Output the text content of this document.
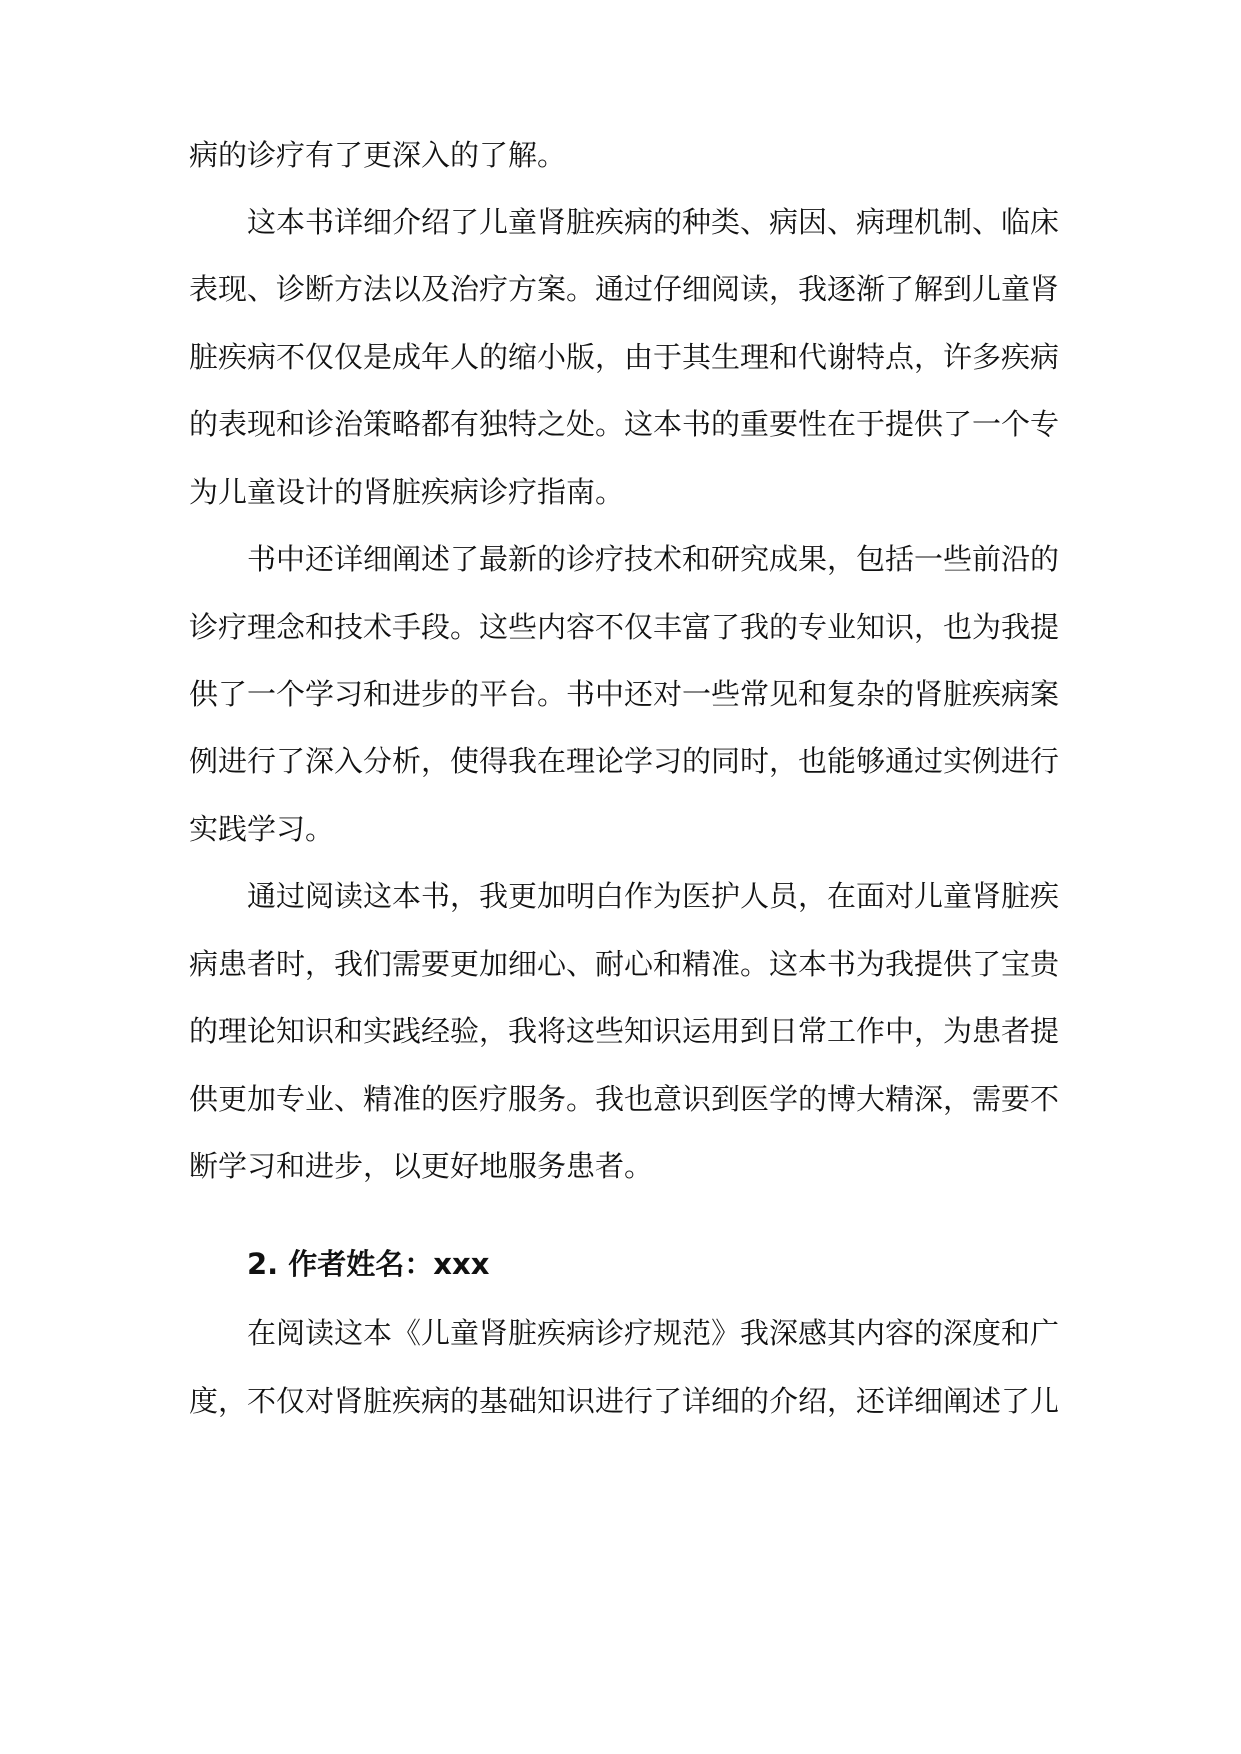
病的诊疗有了更深入的了解。
这本书详细介绍了儿童肾脏疾病的种类、病因、病理机制、临床
表现、诊断方法以及治疗方案。通过仔细阅读，我逐渐了解到儿童肾
脏疾病不仅仅是成年人的缩小版，由于其生理和代谢特点，许多疾病
的表现和诊治策略都有独特之处。这本书的重要性在于提供了一个专
为儿童设计的肾脏疾病诊疗指南。
书中还详细阐述了最新的诊疗技术和研究成果，包括一些前沿的
诊疗理念和技术手段。这些内容不仅丰富了我的专业知识，也为我提
供了一个学习和进步的平台。书中还对一些常见和复杂的肾脏疾病案
例进行了深入分析，使得我在理论学习的同时，也能够通过实例进行
实践学习。
通过阅读这本书，我更加明白作为医护人员，在面对儿童肾脏疾
病患者时，我们需要更加细心、耐心和精准。这本书为我提供了宝贵
的理论知识和实践经验，我将这些知识运用到日常工作中，为患者提
供更加专业、精准的医疗服务。我也意识到医学的博大精深，需要不
断学习和进步，以更好地服务患者。
2. 作者姓名：xxx
在阅读这本《儿童肾脏疾病诊疗规范》我深感其内容的深度和广
度，不仅对肾脏疾病的基础知识进行了详细的介绍，还详细阐述了儿
